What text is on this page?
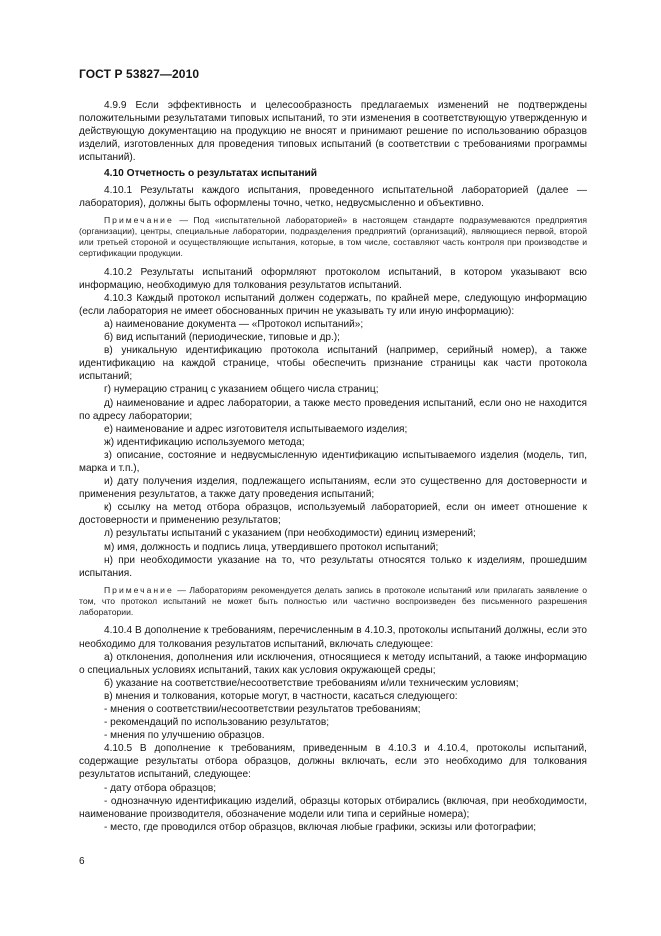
ГОСТ Р 53827—2010

4.9.9 Если эффективность и целесообразность предлагаемых изменений не подтверждены положительными результатами типовых испытаний, то эти изменения в соответствующую утвержденную и действующую документацию на продукцию не вносят и принимают решение по использованию образцов изделий, изготовленных для проведения типовых испытаний (в соответствии с требованиями программы испытаний).

4.10 Отчетность о результатах испытаний

4.10.1 Результаты каждого испытания, проведенного испытательной лабораторией (далее — лаборатория), должны быть оформлены точно, четко, недвусмысленно и объективно.

Примечание — Под «испытательной лабораторией» в настоящем стандарте подразумеваются предприятия (организации), центры, специальные лаборатории, подразделения предприятий (организаций), являющиеся первой, второй или третьей стороной и осуществляющие испытания, которые, в том числе, составляют часть контроля при производстве и сертификации продукции.

4.10.2 Результаты испытаний оформляют протоколом испытаний, в котором указывают всю информацию, необходимую для толкования результатов испытаний.

4.10.3 Каждый протокол испытаний должен содержать, по крайней мере, следующую информацию (если лаборатория не имеет обоснованных причин не указывать ту или иную информацию):

а) наименование документа — «Протокол испытаний»;

б) вид испытаний (периодические, типовые и др.);

в) уникальную идентификацию протокола испытаний (например, серийный номер), а также идентификацию на каждой странице, чтобы обеспечить признание страницы как части протокола испытаний;

г) нумерацию страниц с указанием общего числа страниц;

д) наименование и адрес лаборатории, а также место проведения испытаний, если оно не находится по адресу лаборатории;

е) наименование и адрес изготовителя испытываемого изделия;

ж) идентификацию используемого метода;

з) описание, состояние и недвусмысленную идентификацию испытываемого изделия (модель, тип, марка и т.п.),

и) дату получения изделия, подлежащего испытаниям, если это существенно для достоверности и применения результатов, а также дату проведения испытаний;

к) ссылку на метод отбора образцов, используемый лабораторией, если он имеет отношение к достоверности и применению результатов;

л) результаты испытаний с указанием (при необходимости) единиц измерений;

м) имя, должность и подпись лица, утвердившего протокол испытаний;

н) при необходимости указание на то, что результаты относятся только к изделиям, прошедшим испытания.

Примечание — Лабораториям рекомендуется делать запись в протоколе испытаний или прилагать заявление о том, что протокол испытаний не может быть полностью или частично воспроизведен без письменного разрешения лаборатории.

4.10.4 В дополнение к требованиям, перечисленным в 4.10.3, протоколы испытаний должны, если это необходимо для толкования результатов испытаний, включать следующее:

а) отклонения, дополнения или исключения, относящиеся к методу испытаний, а также информацию о специальных условиях испытаний, таких как условия окружающей среды;

б) указание на соответствие/несоответствие требованиям и/или техническим условиям;

в) мнения и толкования, которые могут, в частности, касаться следующего:

- мнения о соответствии/несоответствии результатов требованиям;

- рекомендаций по использованию результатов;

- мнения по улучшению образцов.

4.10.5 В дополнение к требованиям, приведенным в 4.10.3 и 4.10.4, протоколы испытаний, содержащие результаты отбора образцов, должны включать, если это необходимо для толкования результатов испытаний, следующее:

- дату отбора образцов;

- однозначную идентификацию изделий, образцы которых отбирались (включая, при необходимости, наименование производителя, обозначение модели или типа и серийные номера);

- место, где проводился отбор образцов, включая любые графики, эскизы или фотографии;

6
